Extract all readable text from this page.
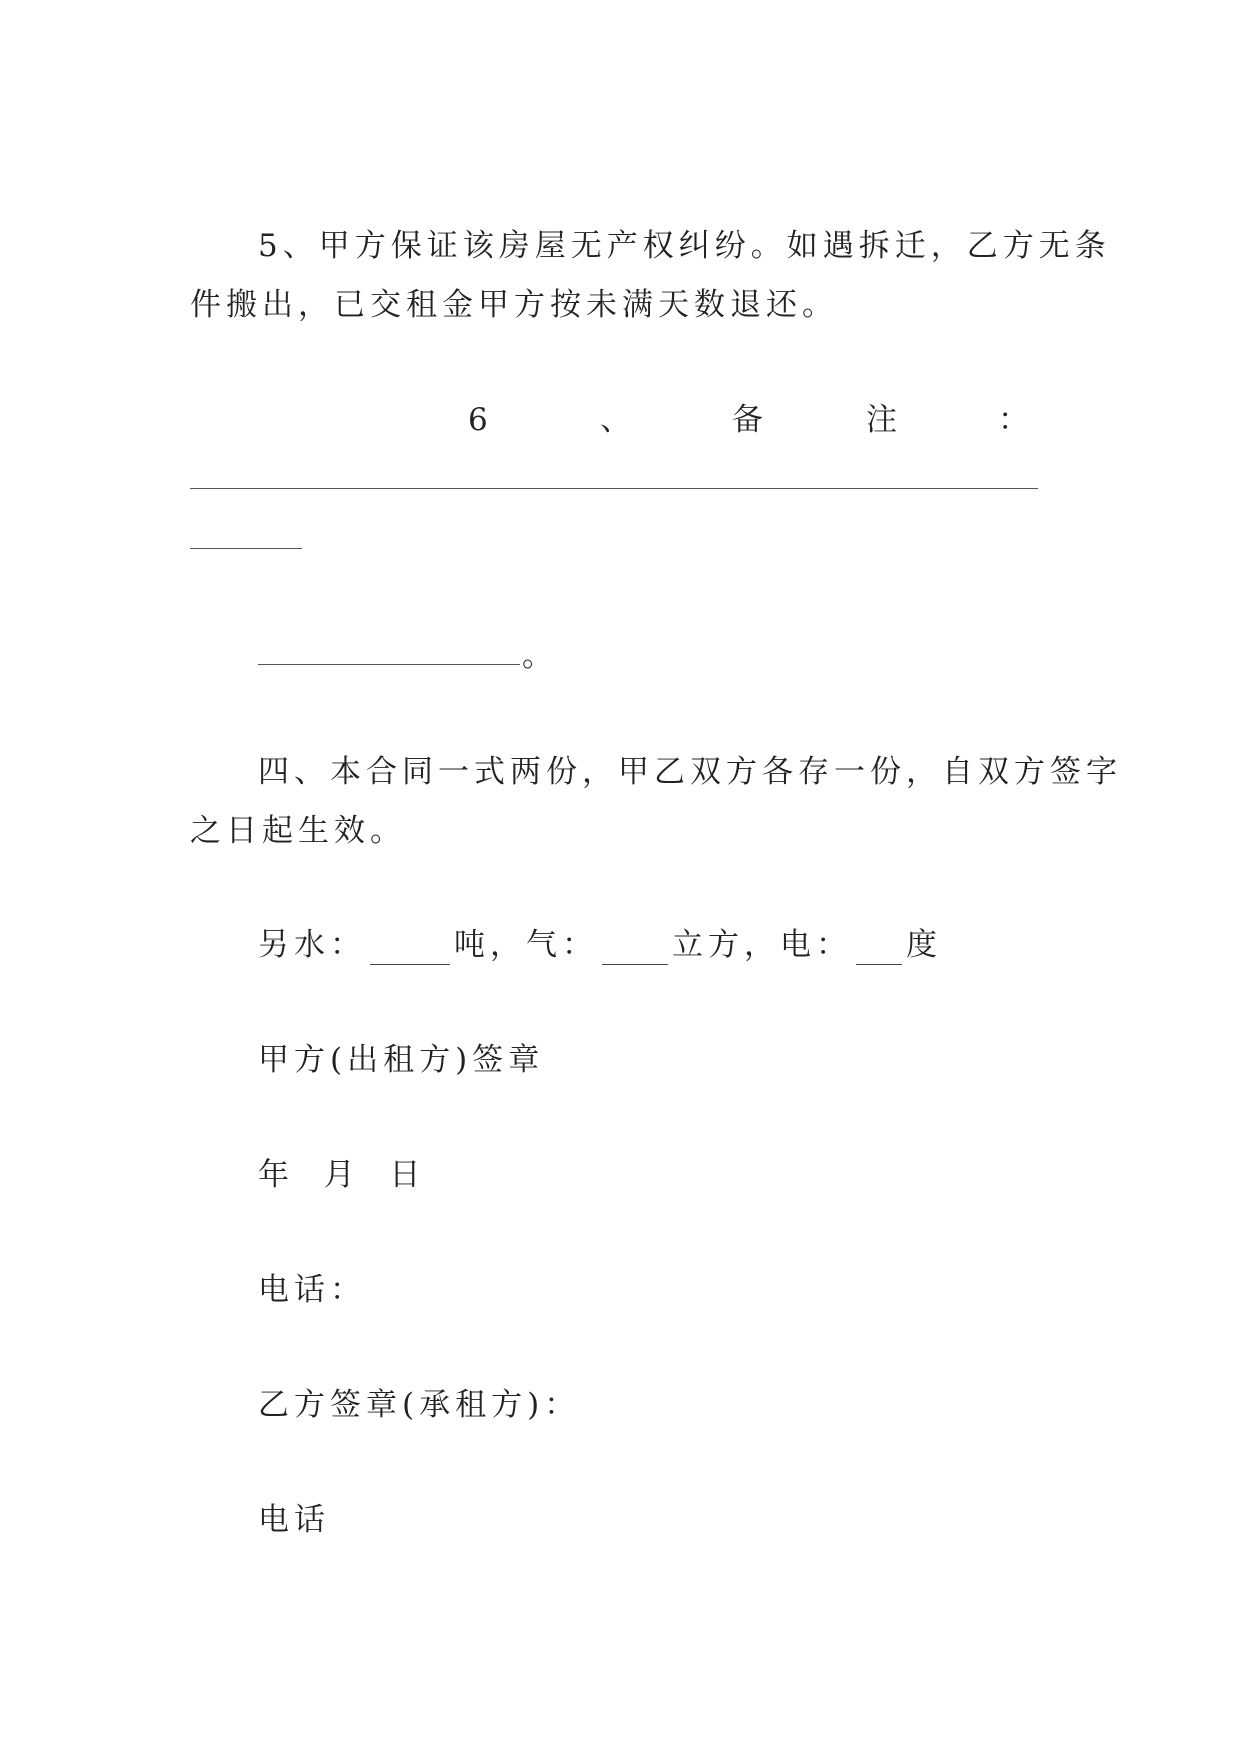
5、甲方保证该房屋无产权纠纷。如遇拆迁，乙方无条

件搬出，已交租金甲方按未满天数退还。

6	、	备	注	：

。

四、本合同一式两份，甲乙双方各存一份，自双方签字

之日起生效。

另水：	吨，气： 立方，电： 度

甲方(出租方)签章

年  月  日

电话：

乙方签章(承租方)：

电话
